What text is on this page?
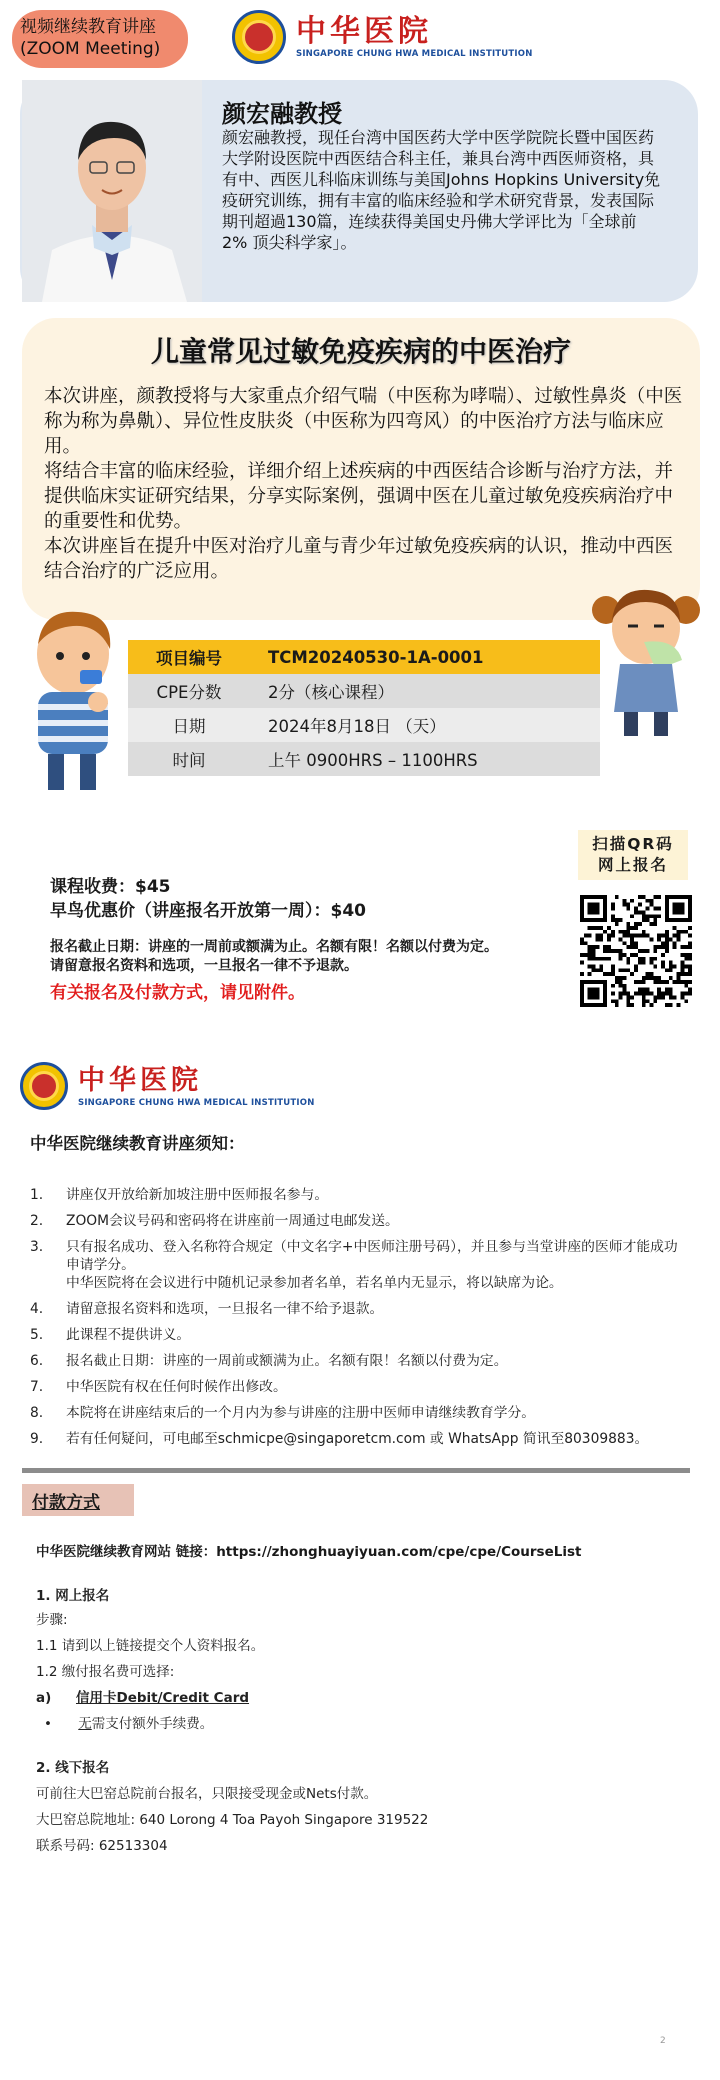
视频继续教育讲座
(ZOOM Meeting)	中华医院
SINGAPORE CHUNG HWA MEDICAL INSTITUTION
颜宏融教授
颜宏融教授，现任台湾中国医药大学中医学院院长暨中国医药大学附设医院中西医结合科主任，兼具台湾中西医师资格，具有中、西医儿科临床训练与美国Johns Hopkins University免疫研究训练，拥有丰富的临床经验和学术研究背景，发表国际期刊超過130篇，连续获得美国史丹佛大学评比为「全球前 2% 顶尖科学家」。
儿童常见过敏免疫疾病的中医治疗

本次讲座，颜教授将与大家重点介绍气喘（中医称为哮喘）、过敏性鼻炎（中医称为称为鼻鼽）、异位性皮肤炎（中医称为四弯风）的中医治疗方法与临床应用。

将结合丰富的临床经验，详细介绍上述疾病的中西医结合诊断与治疗方法，并提供临床实证研究结果，分享实际案例，强调中医在儿童过敏免疫疾病治疗中的重要性和优势。

本次讲座旨在提升中医对治疗儿童与青少年过敏免疫疾病的认识，推动中西医结合治疗的广泛应用。

项目编号	TCM20240530-1A-0001
CPE分数	2分（核心课程）
日期	2024年8月18日 （天）
时间	上午 0900HRS – 1100HRS
课程收费：$45
早鸟优惠价（讲座报名开放第一周）：$40
报名截止日期：讲座的一周前或额满为止。名额有限！名额以付费为定。
请留意报名资料和选项，一旦报名一律不予退款。
有关报名及付款方式，请见附件。
扫描QR码
网上报名
中华医院
SINGAPORE CHUNG HWA MEDICAL INSTITUTION
中华医院继续教育讲座须知：
1.	讲座仅开放给新加坡注册中医师报名参与。
2.	ZOOM会议号码和密码将在讲座前一周通过电邮发送。
3.	只有报名成功、登入名称符合规定（中文名字+中医师注册号码），并且参与当堂讲座的医师才能成功申请学分。
中华医院将在会议进行中随机记录参加者名单，若名单内无显示，将以缺席为论。
4.	请留意报名资料和选项，一旦报名一律不给予退款。
5.	此课程不提供讲义。
6.	报名截止日期：讲座的一周前或额满为止。名额有限！名额以付费为定。
7.	中华医院有权在任何时候作出修改。
8.	本院将在讲座结束后的一个月内为参与讲座的注册中医师申请继续教育学分。
9.	若有任何疑问，可电邮至schmicpe@singaporetcm.com 或 WhatsApp 简讯至80309883。
付款方式
中华医院继续教育网站 链接：https://zhonghuayiyuan.com/cpe/cpe/CourseList
1. 网上报名
步骤:
1.1 请到以上链接提交个人资料报名。
1.2 缴付报名费可选择:
a) 信用卡Debit/Credit Card
• 无需支付额外手续费。
2. 线下报名
可前往大巴窑总院前台报名，只限接受现金或Nets付款。
大巴窑总院地址: 640 Lorong 4 Toa Payoh Singapore 319522
联系号码: 62513304
2
